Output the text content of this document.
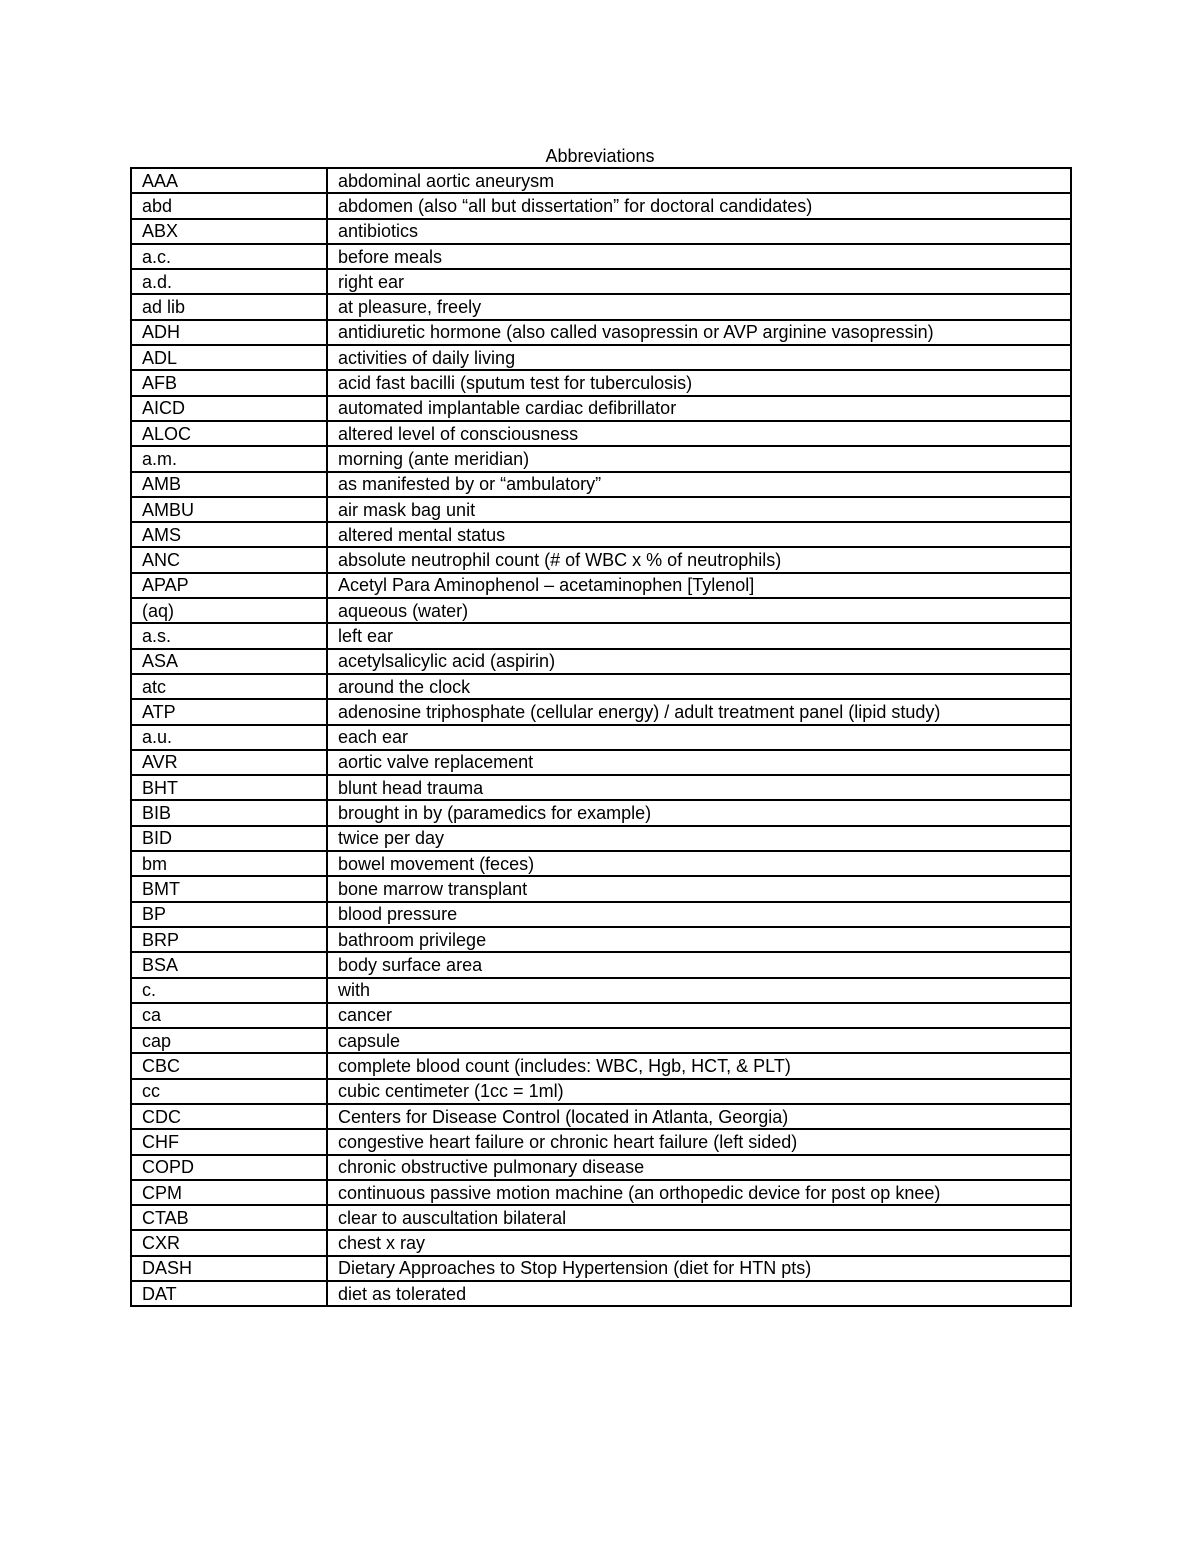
Abbreviations
AAA	abdominal aortic aneurysm
abd	abdomen (also “all but dissertation” for doctoral candidates)
ABX	antibiotics
a.c.	before meals
a.d.	right ear
ad lib	at pleasure, freely
ADH	antidiuretic hormone (also called vasopressin or AVP arginine vasopressin)
ADL	activities of daily living
AFB	acid fast bacilli (sputum test for tuberculosis)
AICD	automated implantable cardiac defibrillator
ALOC	altered level of consciousness
a.m.	morning (ante meridian)
AMB	as manifested by or “ambulatory”
AMBU	air mask bag unit
AMS	altered mental status
ANC	absolute neutrophil count (# of WBC x % of neutrophils)
APAP	Acetyl Para Aminophenol – acetaminophen [Tylenol]
(aq)	aqueous (water)
a.s.	left ear
ASA	acetylsalicylic acid (aspirin)
atc	around the clock
ATP	adenosine triphosphate (cellular energy) / adult treatment panel (lipid study)
a.u.	each ear
AVR	aortic valve replacement
BHT	blunt head trauma
BIB	brought in by (paramedics for example)
BID	twice per day
bm	bowel movement (feces)
BMT	bone marrow transplant
BP	blood pressure
BRP	bathroom privilege
BSA	body surface area
c.	with
ca	cancer
cap	capsule
CBC	complete blood count (includes: WBC, Hgb, HCT, & PLT)
cc	cubic centimeter (1cc = 1ml)
CDC	Centers for Disease Control (located in Atlanta, Georgia)
CHF	congestive heart failure or chronic heart failure (left sided)
COPD	chronic obstructive pulmonary disease
CPM	continuous passive motion machine (an orthopedic device for post op knee)
CTAB	clear to auscultation bilateral
CXR	chest x ray
DASH	Dietary Approaches to Stop Hypertension (diet for HTN pts)
DAT	diet as tolerated
